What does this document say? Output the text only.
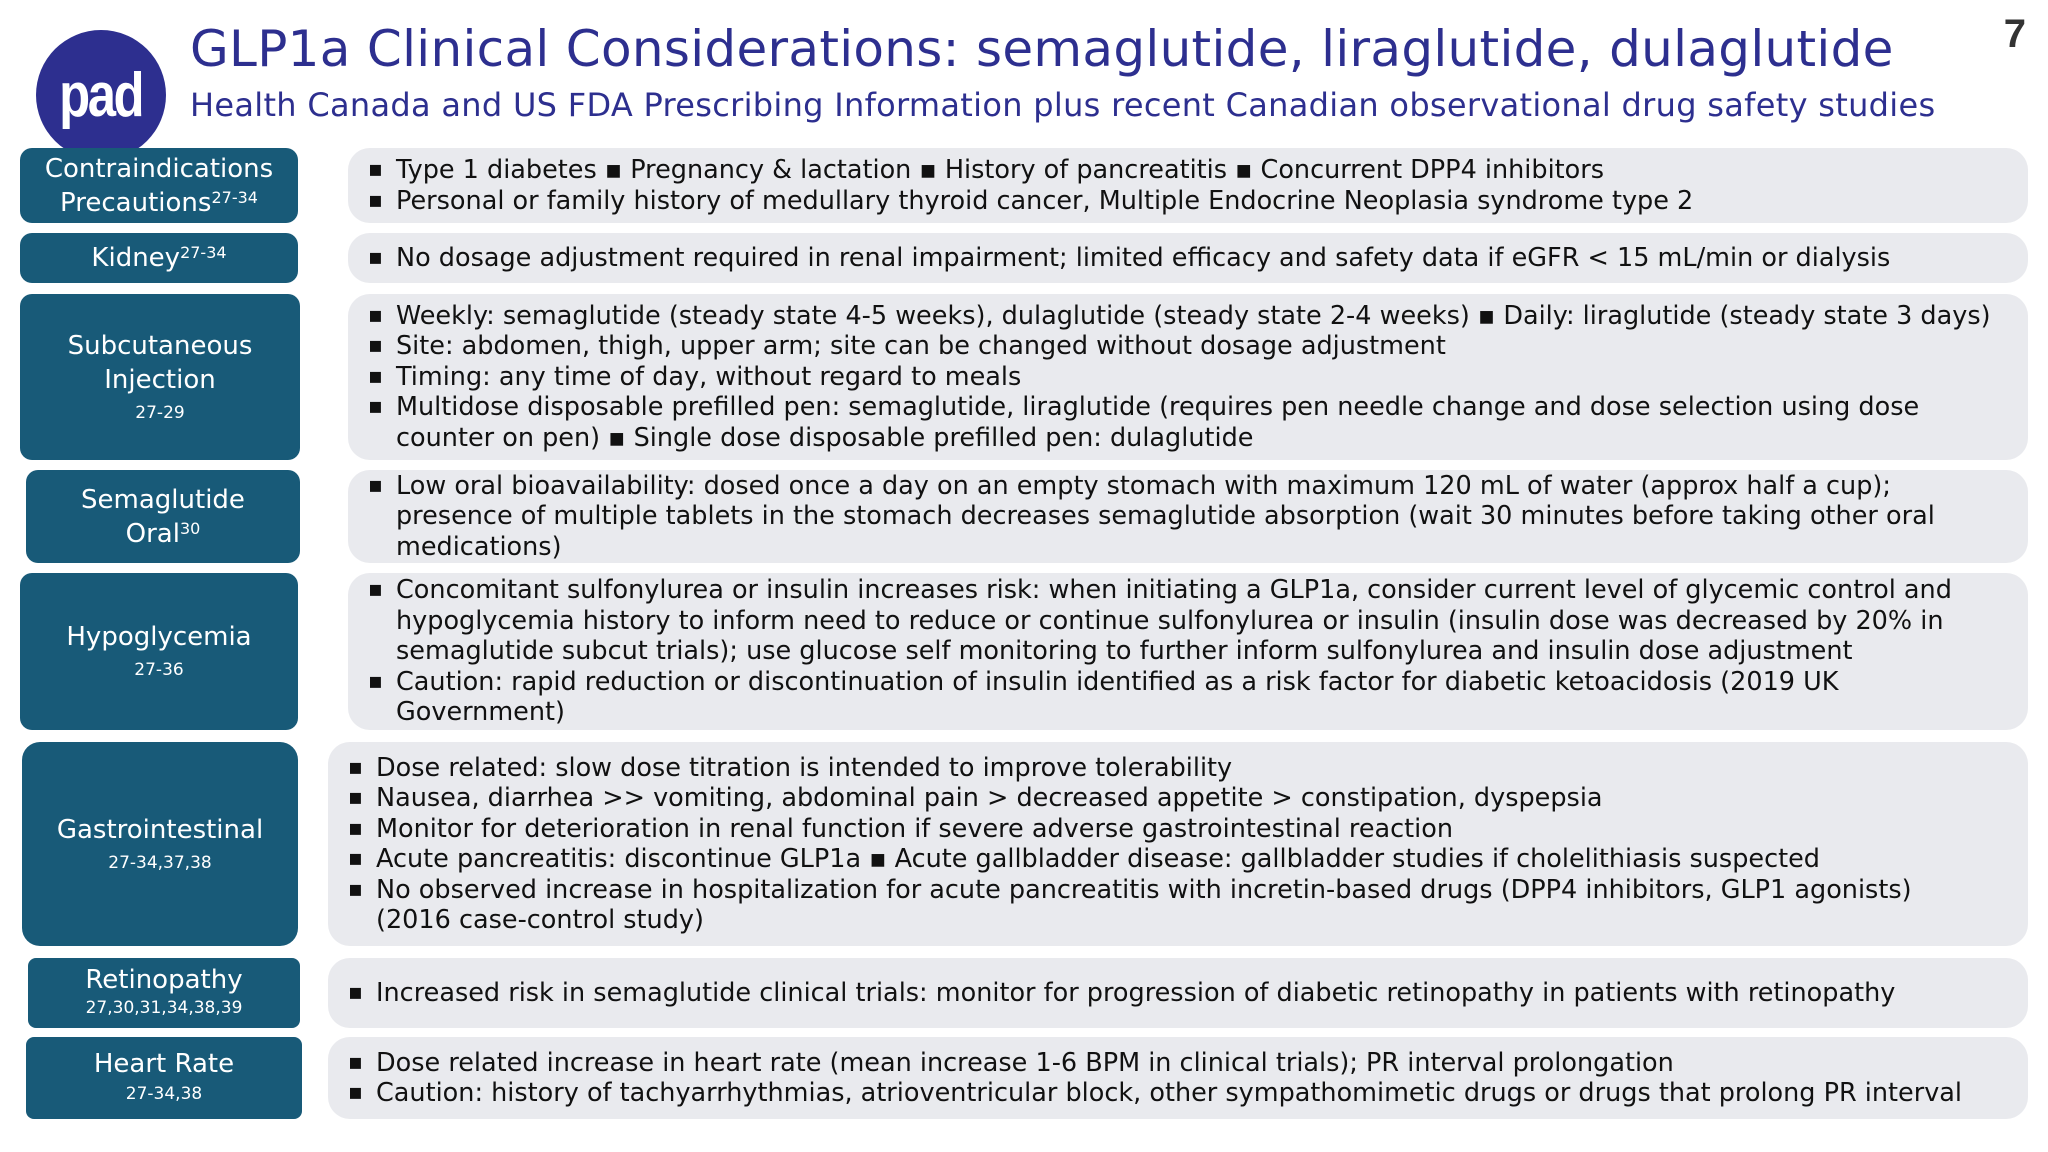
pad
GLP1a Clinical Considerations: semaglutide, liraglutide, dulaglutide

Health Canada and US FDA Prescribing Information plus recent Canadian observational drug safety studies

7
Contraindications
Precautions$^{27-34}$
▪ Type 1 diabetes ▪ Pregnancy & lactation ▪ History of pancreatitis ▪ Concurrent DPP4 inhibitors
▪ Personal or family history of medullary thyroid cancer, Multiple Endocrine Neoplasia syndrome type 2
Kidney$^{27-34}$
▪	No dosage adjustment required in renal impairment; limited efficacy and safety data if eGFR < 15 mL/min or dialysis
Subcutaneous
Injection
27-29
▪ Weekly: semaglutide (steady state 4-5 weeks), dulaglutide (steady state 2-4 weeks) ▪ Daily: liraglutide (steady state 3 days)
▪ Site: abdomen, thigh, upper arm; site can be changed without dosage adjustment
▪ Timing: any time of day, without regard to meals
▪ Multidose disposable prefilled pen: semaglutide, liraglutide (requires pen needle change and dose selection using dose
counter on pen) ▪ Single dose disposable prefilled pen: dulaglutide
Semaglutide
Oral$^{30}$
▪ Low oral bioavailability: dosed once a day on an empty stomach with maximum 120 mL of water (approx half a cup);
presence of multiple tablets in the stomach decreases semaglutide absorption (wait 30 minutes before taking other oral
medications)
Hypoglycemia
27-36
▪ Concomitant sulfonylurea or insulin increases risk: when initiating a GLP1a, consider current level of glycemic control and
hypoglycemia history to inform need to reduce or continue sulfonylurea or insulin (insulin dose was decreased by 20% in
semaglutide subcut trials); use glucose self monitoring to further inform sulfonylurea and insulin dose adjustment
▪ Caution: rapid reduction or discontinuation of insulin identified as a risk factor for diabetic ketoacidosis (2019 UK
Government)
Gastrointestinal
27-34,37,38
▪ Dose related: slow dose titration is intended to improve tolerability
▪ Nausea, diarrhea >> vomiting, abdominal pain > decreased appetite > constipation, dyspepsia
▪ Monitor for deterioration in renal function if severe adverse gastrointestinal reaction
▪ Acute pancreatitis: discontinue GLP1a ▪ Acute gallbladder disease: gallbladder studies if cholelithiasis suspected
▪ No observed increase in hospitalization for acute pancreatitis with incretin-based drugs (DPP4 inhibitors, GLP1 agonists)
(2016 case-control study)
Retinopathy
27,30,31,34,38,39
▪ Increased risk in semaglutide clinical trials: monitor for progression of diabetic retinopathy in patients with retinopathy
Heart Rate
27-34,38
▪ Dose related increase in heart rate (mean increase 1-6 BPM in clinical trials); PR interval prolongation
▪ Caution: history of tachyarrhythmias, atrioventricular block, other sympathomimetic drugs or drugs that prolong PR interval
